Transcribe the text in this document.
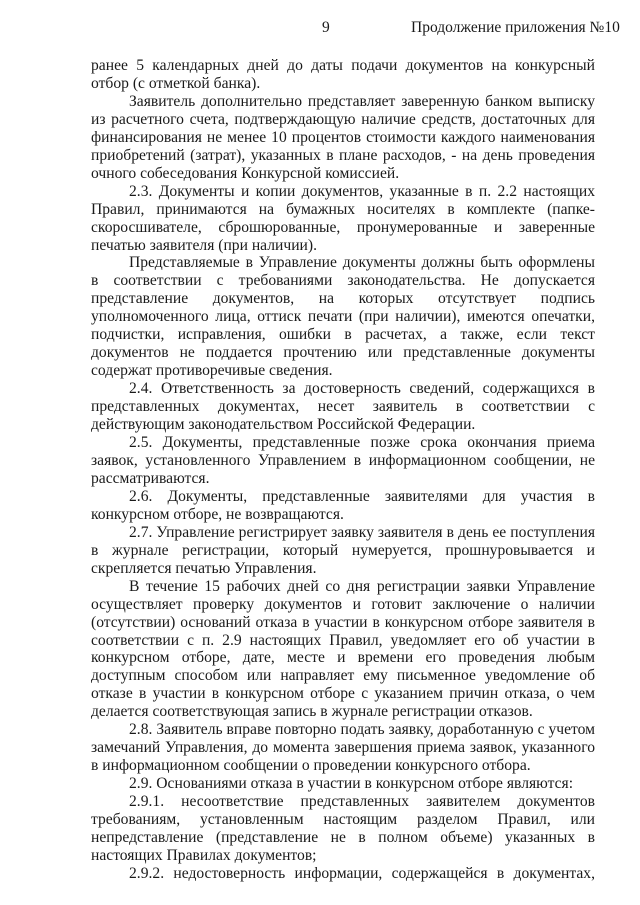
9	Продолжение приложения №10

ранее 5 календарных дней до даты подачи документов на конкурсный отбор (с отметкой банка).

Заявитель дополнительно представляет заверенную банком выписку из расчетного счета, подтверждающую наличие средств, достаточных для финансирования не менее 10 процентов стоимости каждого наименования приобретений (затрат), указанных в плане расходов, - на день проведения очного собеседования Конкурсной комиссией.

2.3. Документы и копии документов, указанные в п. 2.2 настоящих Правил, принимаются на бумажных носителях в комплекте (папке-скоросшивателе, сброшюрованные, пронумерованные и заверенные печатью заявителя (при наличии).

Представляемые в Управление документы должны быть оформлены в соответствии с требованиями законодательства. Не допускается представление документов, на которых отсутствует подпись уполномоченного лица, оттиск печати (при наличии), имеются опечатки, подчистки, исправления, ошибки в расчетах, а также, если текст документов не поддается прочтению или представленные документы содержат противоречивые сведения.

2.4. Ответственность за достоверность сведений, содержащихся в представленных документах, несет заявитель в соответствии с действующим законодательством Российской Федерации.

2.5. Документы, представленные позже срока окончания приема заявок, установленного Управлением в информационном сообщении, не рассматриваются.

2.6. Документы, представленные заявителями для участия в конкурсном отборе, не возвращаются.

2.7. Управление регистрирует заявку заявителя в день ее поступления в журнале регистрации, который нумеруется, прошнуровывается и скрепляется печатью Управления.

В течение 15 рабочих дней со дня регистрации заявки Управление осуществляет проверку документов и готовит заключение о наличии (отсутствии) оснований отказа в участии в конкурсном отборе заявителя в соответствии с п. 2.9 настоящих Правил, уведомляет его об участии в конкурсном отборе, дате, месте и времени его проведения любым доступным способом или направляет ему письменное уведомление об отказе в участии в конкурсном отборе с указанием причин отказа, о чем делается соответствующая запись в журнале регистрации отказов.

2.8. Заявитель вправе повторно подать заявку, доработанную с учетом замечаний Управления, до момента завершения приема заявок, указанного в информационном сообщении о проведении конкурсного отбора.

2.9. Основаниями отказа в участии в конкурсном отборе являются:

2.9.1. несоответствие представленных заявителем документов требованиям, установленным настоящим разделом Правил, или непредставление (представление не в полном объеме) указанных в настоящих Правилах документов;

2.9.2. недостоверность информации, содержащейся в документах,
